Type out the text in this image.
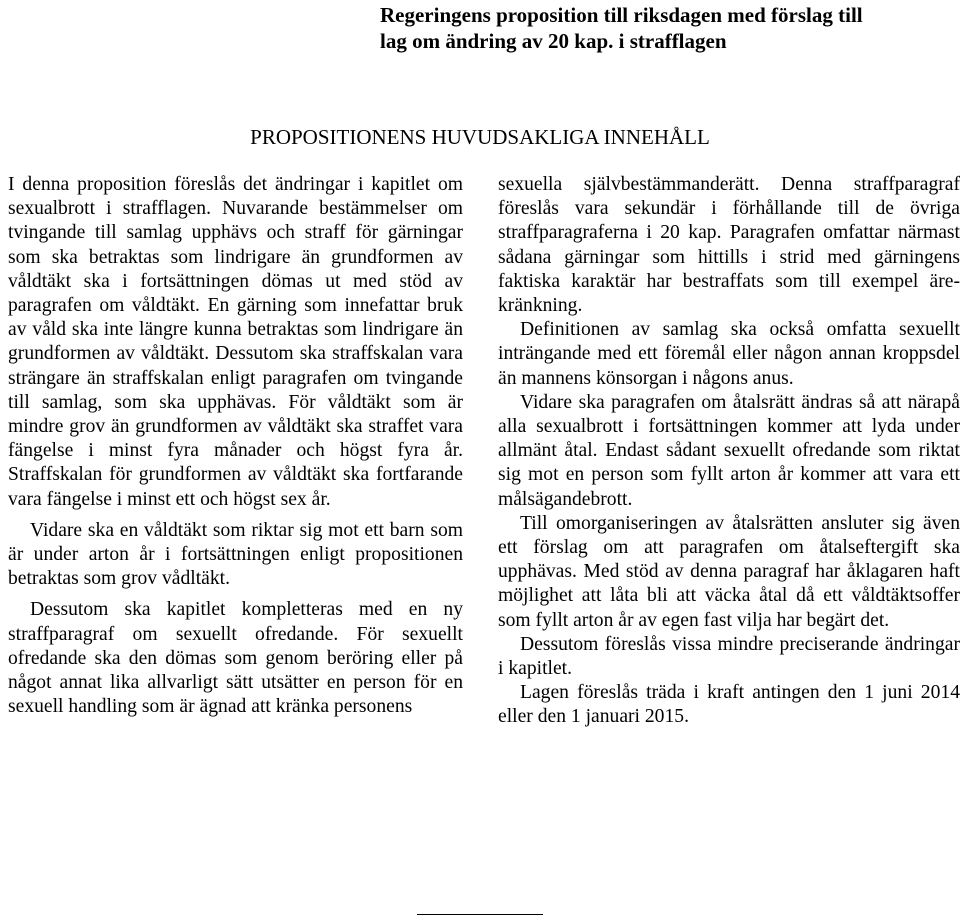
Regeringens proposition till riksdagen med förslag till
lag om ändring av 20 kap. i strafflagen
PROPOSITIONENS HUVUDSAKLIGA INNEHÅLL

I denna proposition föreslås det ändringar i kapitlet om sexualbrott i strafflagen. Nuvarande bestämmelser om tvingande till samlag upphävs och straff för gärningar som ska betraktas som lindrigare än grundformen av våldtäkt ska i fortsättningen dömas ut med stöd av paragrafen om våldtäkt. En gärning som innefattar bruk av våld ska inte längre kunna betraktas som lindrigare än grundformen av våldtäkt. Dessutom ska straffskalan vara strängare än straffskalan enligt paragrafen om tvingande till samlag, som ska upphävas. För våldtäkt som är mindre grov än grundformen av våldtäkt ska straffet vara fängelse i minst fyra månader och högst fyra år. Straffskalan för grundformen av våldtäkt ska fortfarande vara fängelse i minst ett och högst sex år.

Vidare ska en våldtäkt som riktar sig mot ett barn som är under arton år i fortsättningen enligt propositionen betraktas som grov vådltäkt.

Dessutom ska kapitlet kompletteras med en ny straffparagraf om sexuellt ofredande. För sexuellt ofredande ska den dömas som genom beröring eller på något annat lika allvarligt sätt utsätter en person för en sexuell handling som är ägnad att kränka personens

sexuella självbestämmanderätt. Denna straffparagraf föreslås vara sekundär i förhållande till de övriga straffparagraferna i 20 kap. Paragrafen omfattar närmast sådana gärningar som hittills i strid med gärningens faktiska karaktär har bestraffats som till exempel ärekränkning.

Definitionen av samlag ska också omfatta sexuellt inträngande med ett föremål eller någon annan kroppsdel än mannens könsorgan i någons anus.

Vidare ska paragrafen om åtalsrätt ändras så att närapå alla sexualbrott i fortsättningen kommer att lyda under allmänt åtal. Endast sådant sexuellt ofredande som riktat sig mot en person som fyllt arton år kommer att vara ett målsägandebrott.

Till omorganiseringen av åtalsrätten ansluter sig även ett förslag om att paragrafen om åtalseftergift ska upphävas. Med stöd av denna paragraf har åklagaren haft möjlighet att låta bli att väcka åtal då ett våldtäktsoffer som fyllt arton år av egen fast vilja har begärt det.

Dessutom föreslås vissa mindre preciserande ändringar i kapitlet.

Lagen föreslås träda i kraft antingen den 1 juni 2014 eller den 1 januari 2015.
